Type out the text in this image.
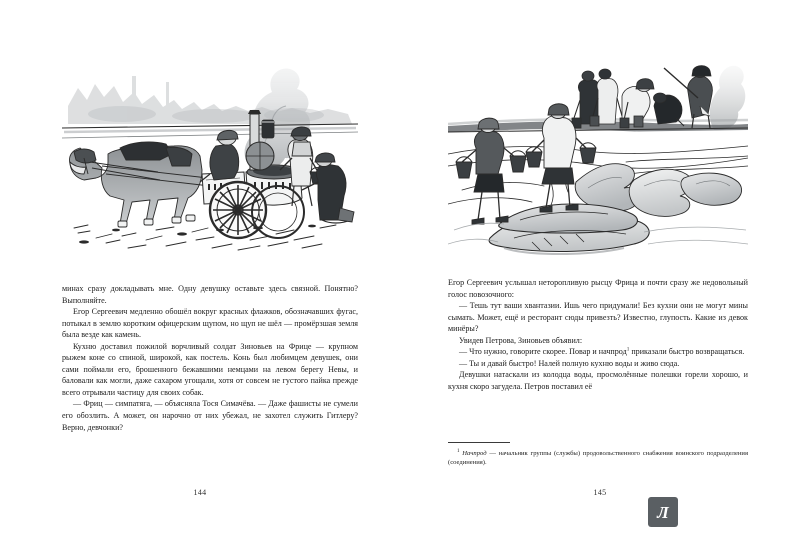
минах сразу докладывать мне. Одну девушку оставьте здесь связной. Понятно? Выполняйте.

Егор Сергеевич медленно обошёл вокруг красных флажков, обозначавших фугас, потыкал в землю коротким офицерским щупом, но щуп не шёл — промёрзшая земля была везде как камень.

Кухню доставил пожилой ворчливый солдат Зиновьев на Фрице — крупном рыжем коне со спиной, широкой, как постель. Конь был любимцем девушек, они сами поймали его, брошенного бежавшими немцами на левом берегу Невы, и баловали как могли, даже сахаром угощали, хотя от совсем не густого пайка прежде всего отрывали частицу для своих собак.

— Фриц — симпатяга, — объясняла Тося Симачёва. — Даже фашисты не сумели его обозлить. А может, он нарочно от них убежал, не захотел служить Гитлеру? Верно, девчонки?

144

Егор Сергеевич услышал неторопливую рысцу Фрица и почти сразу же недовольный голос повозочного:

— Тешь тут ваши хвантазии. Ишь чего придумали! Без кухни они не могут мины сымать. Может, ещё и ресторант сюды привезть? Известно, глупость. Какие из девок минёры?

Увидев Петрова, Зиновьев объявил:

— Что нужно, говорите скорее. Повар и начпрод$^1$ приказали быстро возвращаться.

— Ты и давай быстро! Налей полную кухню воды и живо сюда.

Девушки натаскали из колодца воды, просмолённые полешки горели хорошо, и кухня скоро загудела. Петров поставил её

$^1$ Начпрод — начальник группы (службы) продовольственного снабжения воинского подразделения (соединения).

145
Л
